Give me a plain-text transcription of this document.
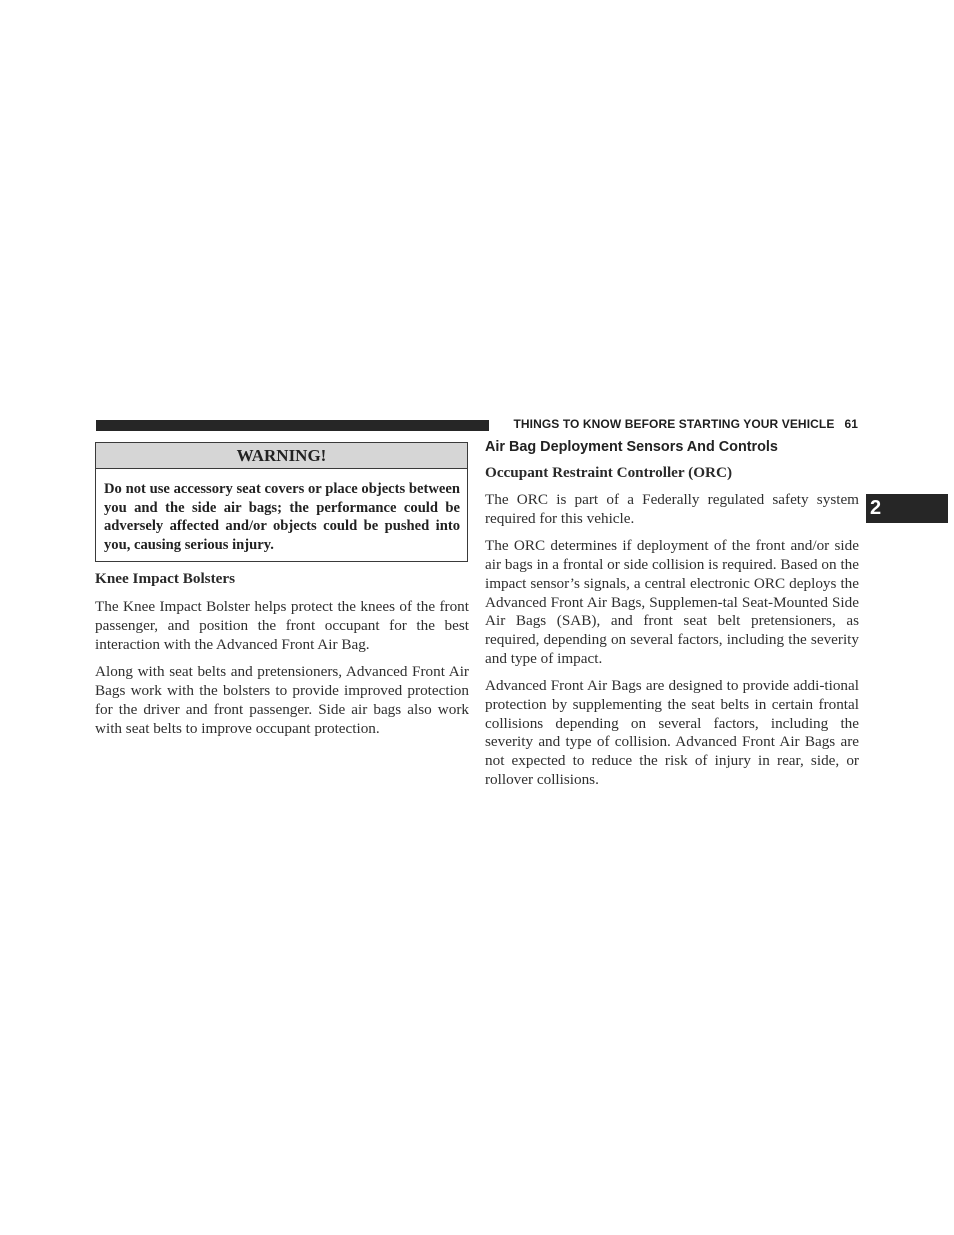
THINGS TO KNOW BEFORE STARTING YOUR VEHICLE 61
2
WARNING!
Do not use accessory seat covers or place objects between you and the side air bags; the performance could be adversely affected and/or objects could be pushed into you, causing serious injury.

Knee Impact Bolsters

The Knee Impact Bolster helps protect the knees of the front passenger, and position the front occupant for the best interaction with the Advanced Front Air Bag.

Along with seat belts and pretensioners, Advanced Front Air Bags work with the bolsters to provide improved protection for the driver and front passenger. Side air bags also work with seat belts to improve occupant protection.

Air Bag Deployment Sensors And Controls

Occupant Restraint Controller (ORC)

The ORC is part of a Federally regulated safety system required for this vehicle.

The ORC determines if deployment of the front and/or side air bags in a frontal or side collision is required. Based on the impact sensor’s signals, a central electronic ORC deploys the Advanced Front Air Bags, Supplemen-tal Seat-Mounted Side Air Bags (SAB), and front seat belt pretensioners, as required, depending on several factors, including the severity and type of impact.

Advanced Front Air Bags are designed to provide addi-tional protection by supplementing the seat belts in certain frontal collisions depending on several factors, including the severity and type of collision. Advanced Front Air Bags are not expected to reduce the risk of injury in rear, side, or rollover collisions.
